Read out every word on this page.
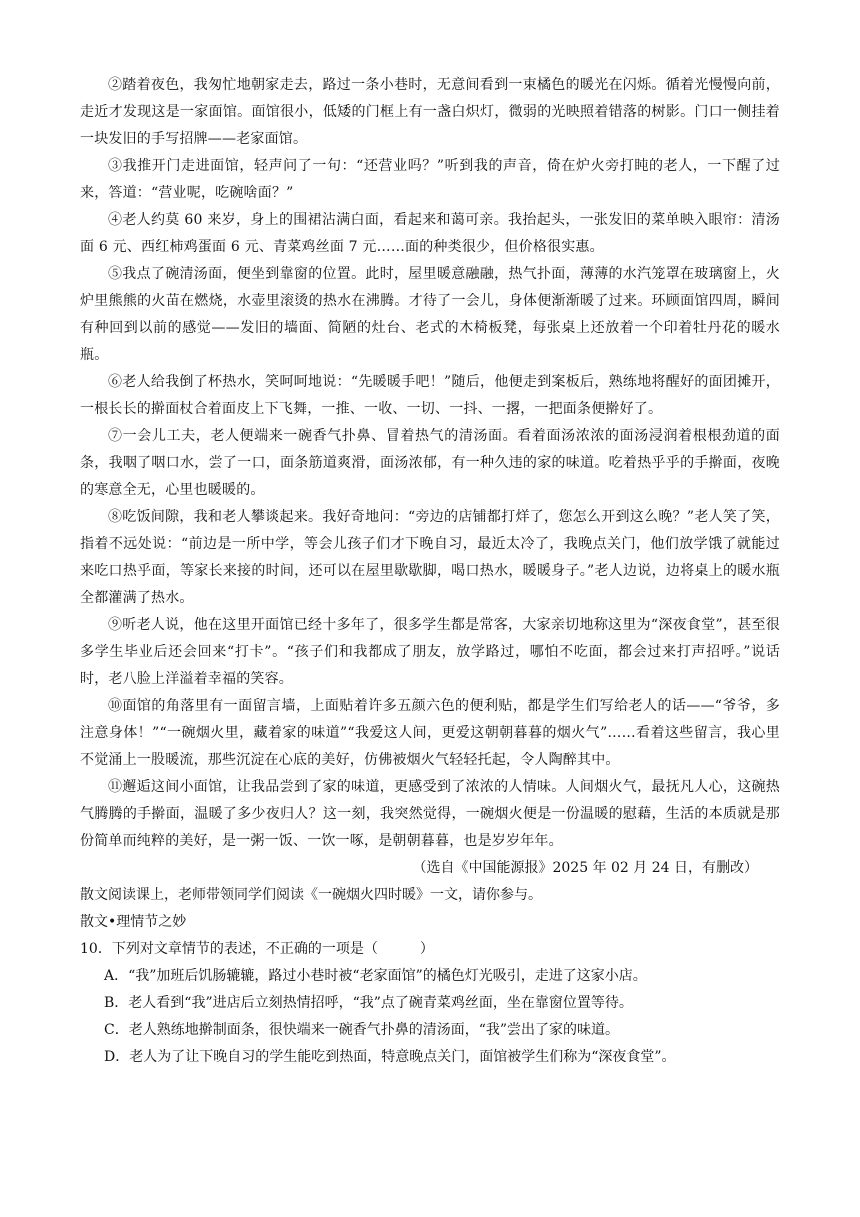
②踏着夜色，我匆忙地朝家走去，路过一条小巷时，无意间看到一束橘色的暖光在闪烁。循着光慢慢向前，走近才发现这是一家面馆。面馆很小，低矮的门框上有一盏白炽灯，微弱的光映照着错落的树影。门口一侧挂着一块发旧的手写招牌——老家面馆。

③我推开门走进面馆，轻声问了一句：“还营业吗？”听到我的声音，倚在炉火旁打盹的老人，一下醒了过来，答道：“营业呢，吃碗啥面？”

④老人约莫 60 来岁，身上的围裙沾满白面，看起来和蔼可亲。我抬起头，一张发旧的菜单映入眼帘：清汤面 6 元、西红柿鸡蛋面 6 元、青菜鸡丝面 7 元……面的种类很少，但价格很实惠。

⑤我点了碗清汤面，便坐到靠窗的位置。此时，屋里暖意融融，热气扑面，薄薄的水汽笼罩在玻璃窗上，火炉里熊熊的火苗在燃烧，水壶里滚烫的热水在沸腾。才待了一会儿，身体便渐渐暖了过来。环顾面馆四周，瞬间有种回到以前的感觉——发旧的墙面、简陋的灶台、老式的木椅板凳，每张桌上还放着一个印着牡丹花的暖水瓶。

⑥老人给我倒了杯热水，笑呵呵地说：“先暖暖手吧！”随后，他便走到案板后，熟练地将醒好的面团摊开，一根长长的擀面杖合着面皮上下飞舞，一推、一收、一切、一抖、一撂，一把面条便擀好了。

⑦一会儿工夫，老人便端来一碗香气扑鼻、冒着热气的清汤面。看着面汤浓浓的面汤浸润着根根劲道的面条，我咽了咽口水，尝了一口，面条筋道爽滑，面汤浓郁，有一种久违的家的味道。吃着热乎乎的手擀面，夜晚的寒意全无，心里也暖暖的。

⑧吃饭间隙，我和老人攀谈起来。我好奇地问：“旁边的店铺都打烊了，您怎么开到这么晚？”老人笑了笑，指着不远处说：“前边是一所中学，等会儿孩子们才下晚自习，最近太冷了，我晚点关门，他们放学饿了就能过来吃口热乎面，等家长来接的时间，还可以在屋里歇歇脚，喝口热水，暖暖身子。”老人边说，边将桌上的暖水瓶全都灌满了热水。

⑨听老人说，他在这里开面馆已经十多年了，很多学生都是常客，大家亲切地称这里为“深夜食堂”，甚至很多学生毕业后还会回来“打卡”。“孩子们和我都成了朋友，放学路过，哪怕不吃面，都会过来打声招呼。”说话时，老八脸上洋溢着幸福的笑容。

⑩面馆的角落里有一面留言墙，上面贴着许多五颜六色的便利贴，都是学生们写给老人的话——“爷爷，多注意身体！”“一碗烟火里，藏着家的味道”“我爱这人间，更爱这朝朝暮暮的烟火气”……看着这些留言，我心里不觉涌上一股暖流，那些沉淀在心底的美好，仿佛被烟火气轻轻托起，令人陶醉其中。

⑪邂逅这间小面馆，让我品尝到了家的味道，更感受到了浓浓的人情味。人间烟火气，最抚凡人心，这碗热气腾腾的手擀面，温暖了多少夜归人？这一刻，我突然觉得，一碗烟火便是一份温暖的慰藉，生活的本质就是那份简单而纯粹的美好，是一粥一饭、一饮一啄，是朝朝暮暮，也是岁岁年年。

（选自《中国能源报》2025 年 02 月 24 日，有删改）

散文阅读课上，老师带领同学们阅读《一碗烟火四时暖》一文，请你参与。

散文•理情节之妙

10．下列对文章情节的表述，不正确的一项是（　　　）

A．“我”加班后饥肠辘辘，路过小巷时被“老家面馆”的橘色灯光吸引，走进了这家小店。

B．老人看到“我”进店后立刻热情招呼，“我”点了碗青菜鸡丝面，坐在靠窗位置等待。

C．老人熟练地擀制面条，很快端来一碗香气扑鼻的清汤面，“我”尝出了家的味道。

D．老人为了让下晚自习的学生能吃到热面，特意晚点关门，面馆被学生们称为“深夜食堂”。
